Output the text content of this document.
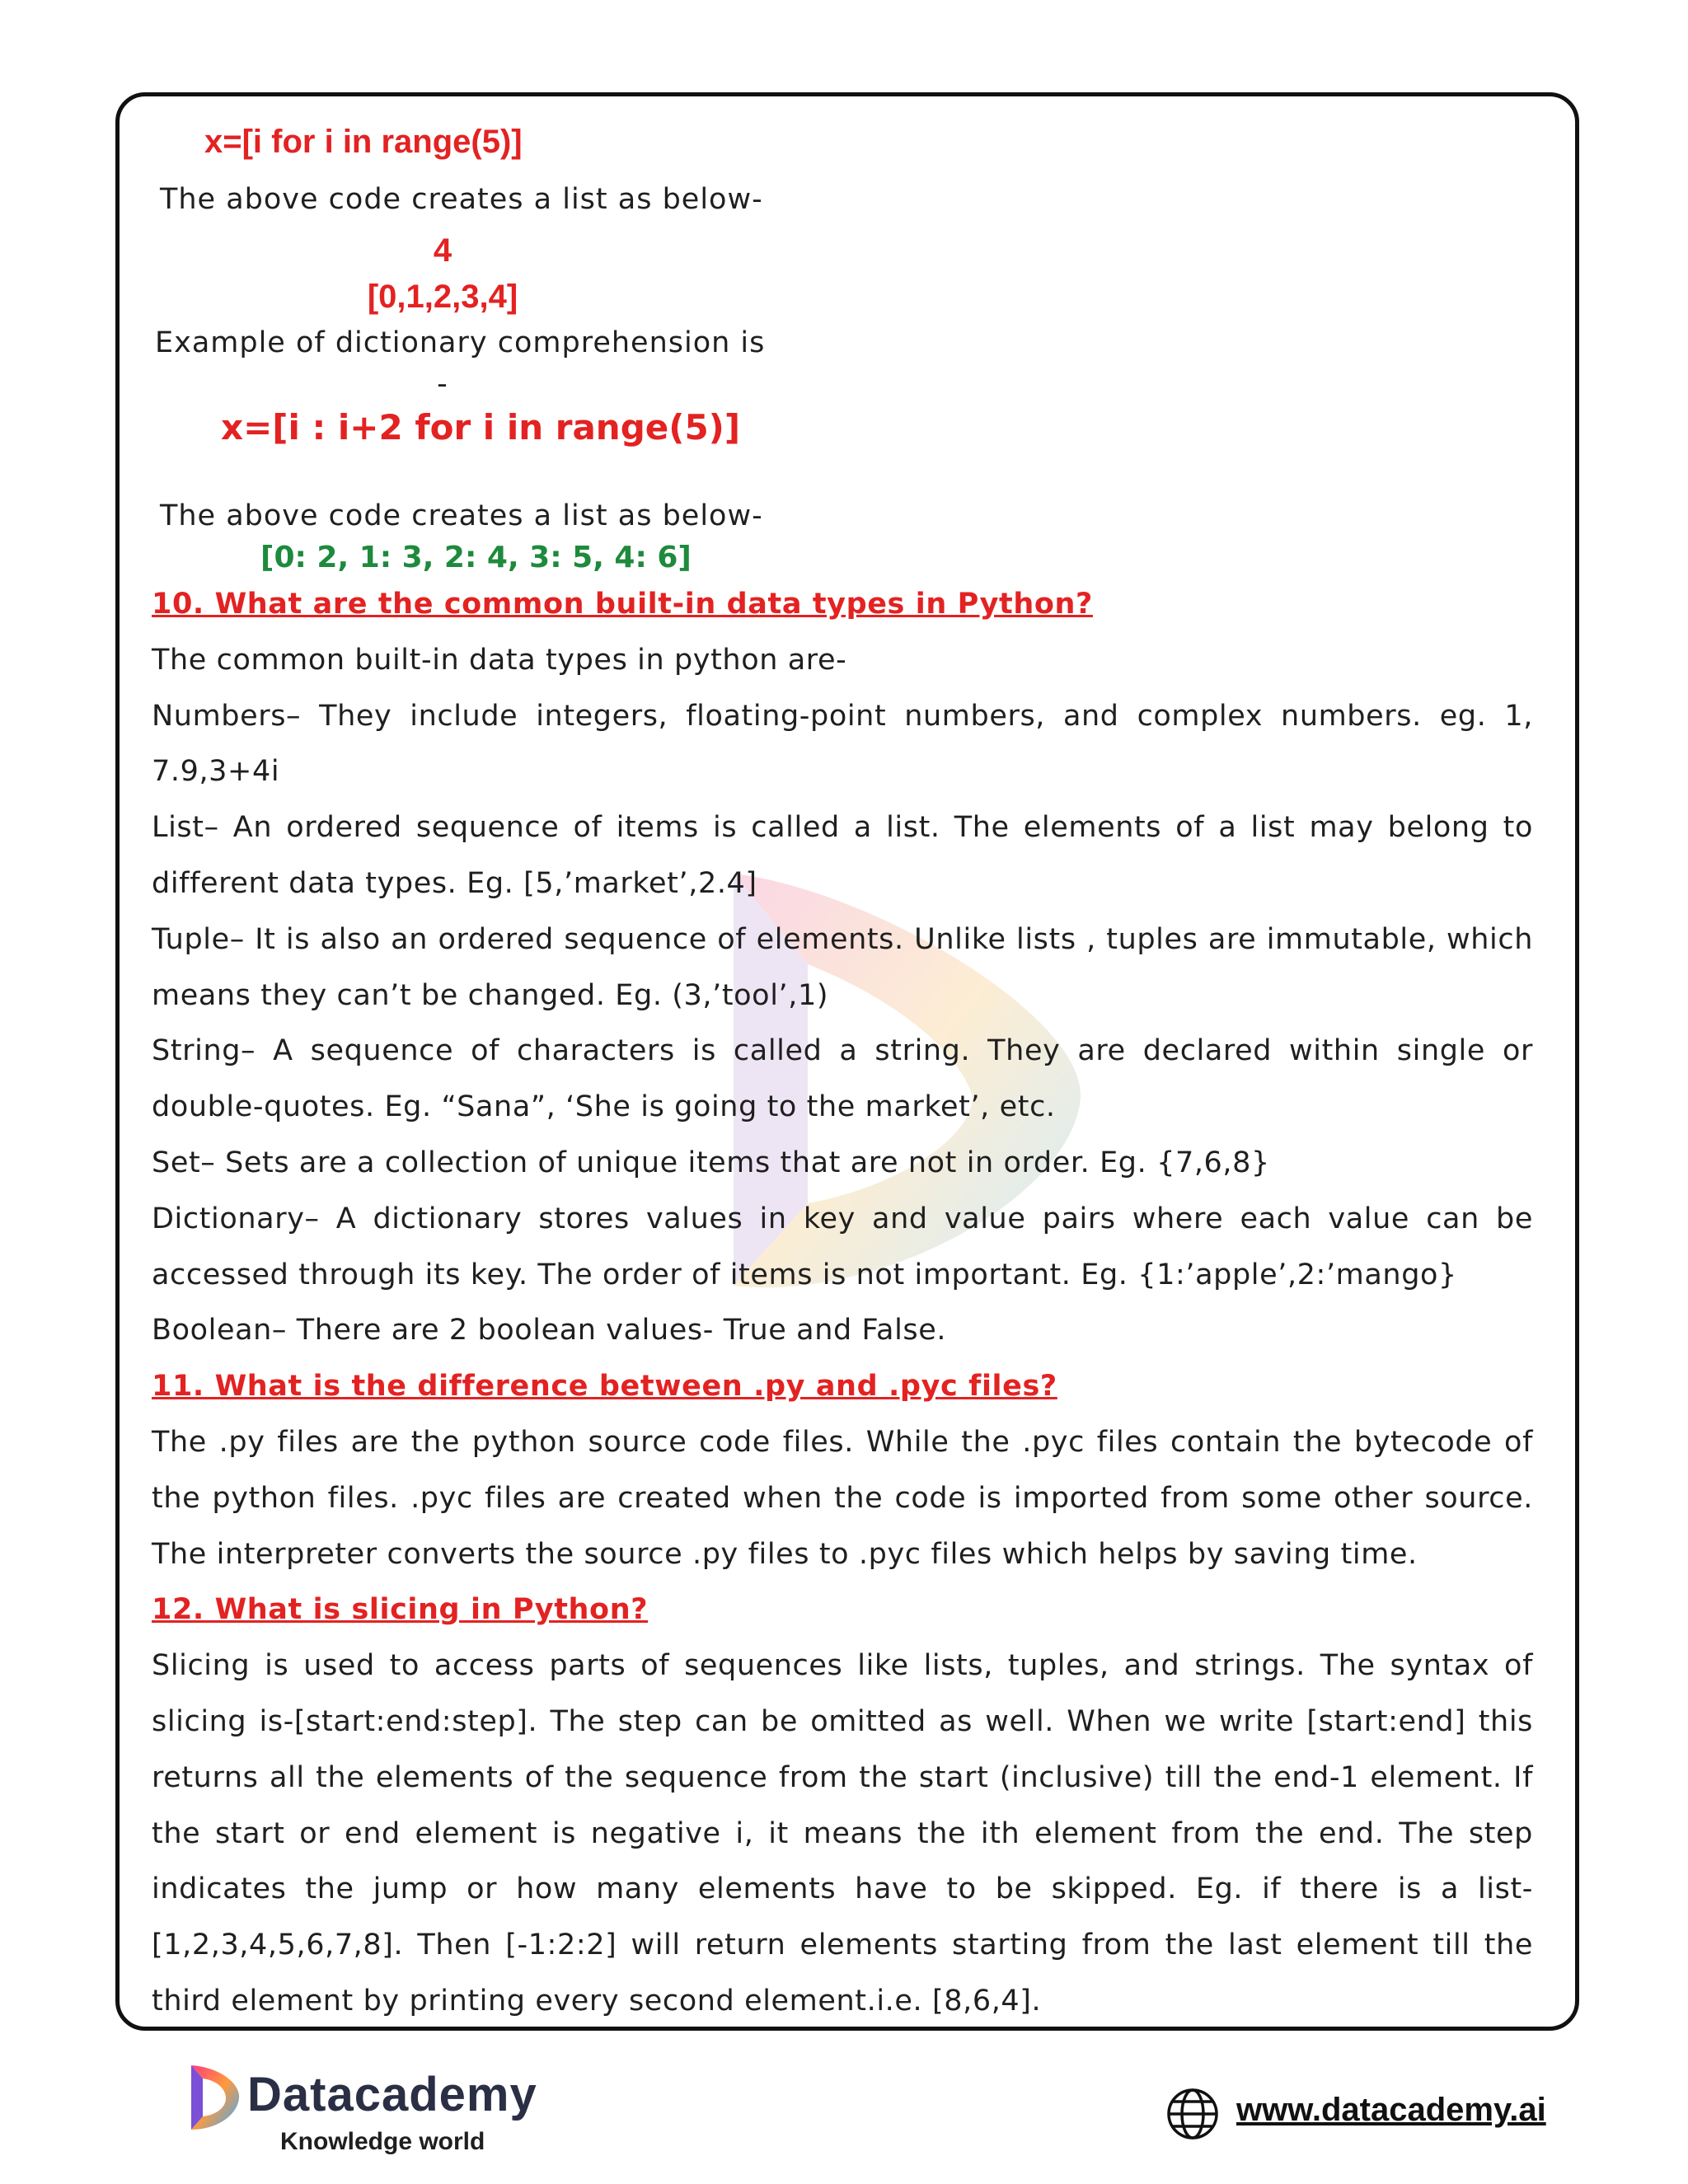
x=[i for i in range(5)]
The above code creates a list as below-
4
[0,1,2,3,4]
Example of dictionary comprehension is
-
x=[i : i+2 for i in range(5)]
The above code creates a list as below-
[0: 2, 1: 3, 2: 4, 3: 5, 4: 6]

10. What are the common built-in data types in Python?

The common built-in data types in python are-

Numbers– They include integers, floating-point numbers, and complex numbers. eg. 1, 7.9,3+4i

List– An ordered sequence of items is called a list. The elements of a list may belong to different data types. Eg. [5,’market’,2.4]

Tuple– It is also an ordered sequence of elements. Unlike lists , tuples are immutable, which means they can’t be changed. Eg. (3,’tool’,1)

String– A sequence of characters is called a string. They are declared within single or double-quotes. Eg. “Sana”, ‘She is going to the market’, etc.

Set– Sets are a collection of unique items that are not in order. Eg. {7,6,8}

Dictionary– A dictionary stores values in key and value pairs where each value can be accessed through its key. The order of items is not important. Eg. {1:’apple’,2:’mango}

Boolean– There are 2 boolean values- True and False.

11. What is the difference between .py and .pyc files?

The .py files are the python source code files. While the .pyc files contain the bytecode of the python files. .pyc files are created when the code is imported from some other source. The interpreter converts the source .py files to .pyc files which helps by saving time.

12. What is slicing in Python?

Slicing is used to access parts of sequences like lists, tuples, and strings. The syntax of slicing is-[start:end:step]. The step can be omitted as well. When we write [start:end] this returns all the elements of the sequence from the start (inclusive) till the end-1 element. If the start or end element is negative i, it means the ith element from the end. The step indicates the jump or how many elements have to be skipped. Eg. if there is a list- [1,2,3,4,5,6,7,8]. Then [-1:2:2] will return elements starting from the last element till the third element by printing every second element.i.e. [8,6,4].

Datacademy
Knowledge world
www.datacademy.ai
